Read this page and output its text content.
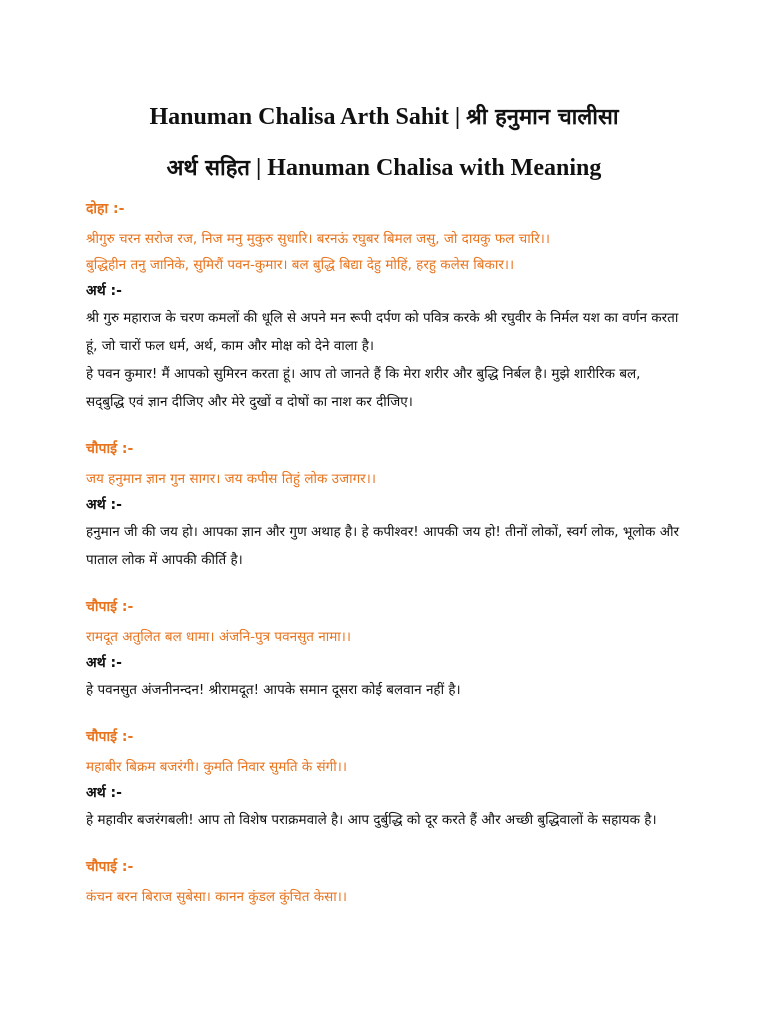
Hanuman Chalisa Arth Sahit | श्री हनुमान चालीसा
अर्थ सहित | Hanuman Chalisa with Meaning
दोहा :-
श्रीगुरु चरन सरोज रज, निज मनु मुकुरु सुधारि। बरनऊं रघुबर बिमल जसु, जो दायकु फल चारि।।
बुद्धिहीन तनु जानिके, सुमिरौं पवन-कुमार। बल बुद्धि बिद्या देहु मोहिं, हरहु कलेस बिकार।।
अर्थ :-
श्री गुरु महाराज के चरण कमलों की धूलि से अपने मन रूपी दर्पण को पवित्र करके श्री रघुवीर के निर्मल यश का वर्णन करता हूं, जो चारों फल धर्म, अर्थ, काम और मोक्ष को देने वाला है।
हे पवन कुमार! मैं आपको सुमिरन करता हूं। आप तो जानते हैं कि मेरा शरीर और बुद्धि निर्बल है। मुझे शारीरिक बल, सद्‍बुद्धि एवं ज्ञान दीजिए और मेरे दुखों व दोषों का नाश कर दीजिए।
चौपाई :-
जय हनुमान ज्ञान गुन सागर। जय कपीस तिहुं लोक उजागर।।
अर्थ :-
हनुमान जी की जय हो। आपका ज्ञान और गुण अथाह है। हे कपीश्वर! आपकी जय हो! तीनों लोकों, स्वर्ग लोक, भूलोक और पाताल लोक में आपकी कीर्ति है।
चौपाई :-
रामदूत अतुलित बल धामा। अंजनि-पुत्र पवनसुत नामा।।
अर्थ :-
हे पवनसुत अंजनीनन्दन! श्रीरामदूत! आपके समान दूसरा कोई बलवान नहीं है।
चौपाई :-
महाबीर बिक्रम बजरंगी। कुमति निवार सुमति के संगी।।
अर्थ :-
हे महावीर बजरंगबली! आप तो विशेष पराक्रमवाले है। आप दुर्बुद्धि को दूर करते हैं और अच्छी बुद्धिवालों के सहायक है।
चौपाई :-
कंचन बरन बिराज सुबेसा। कानन कुंडल कुंचित केसा।।
